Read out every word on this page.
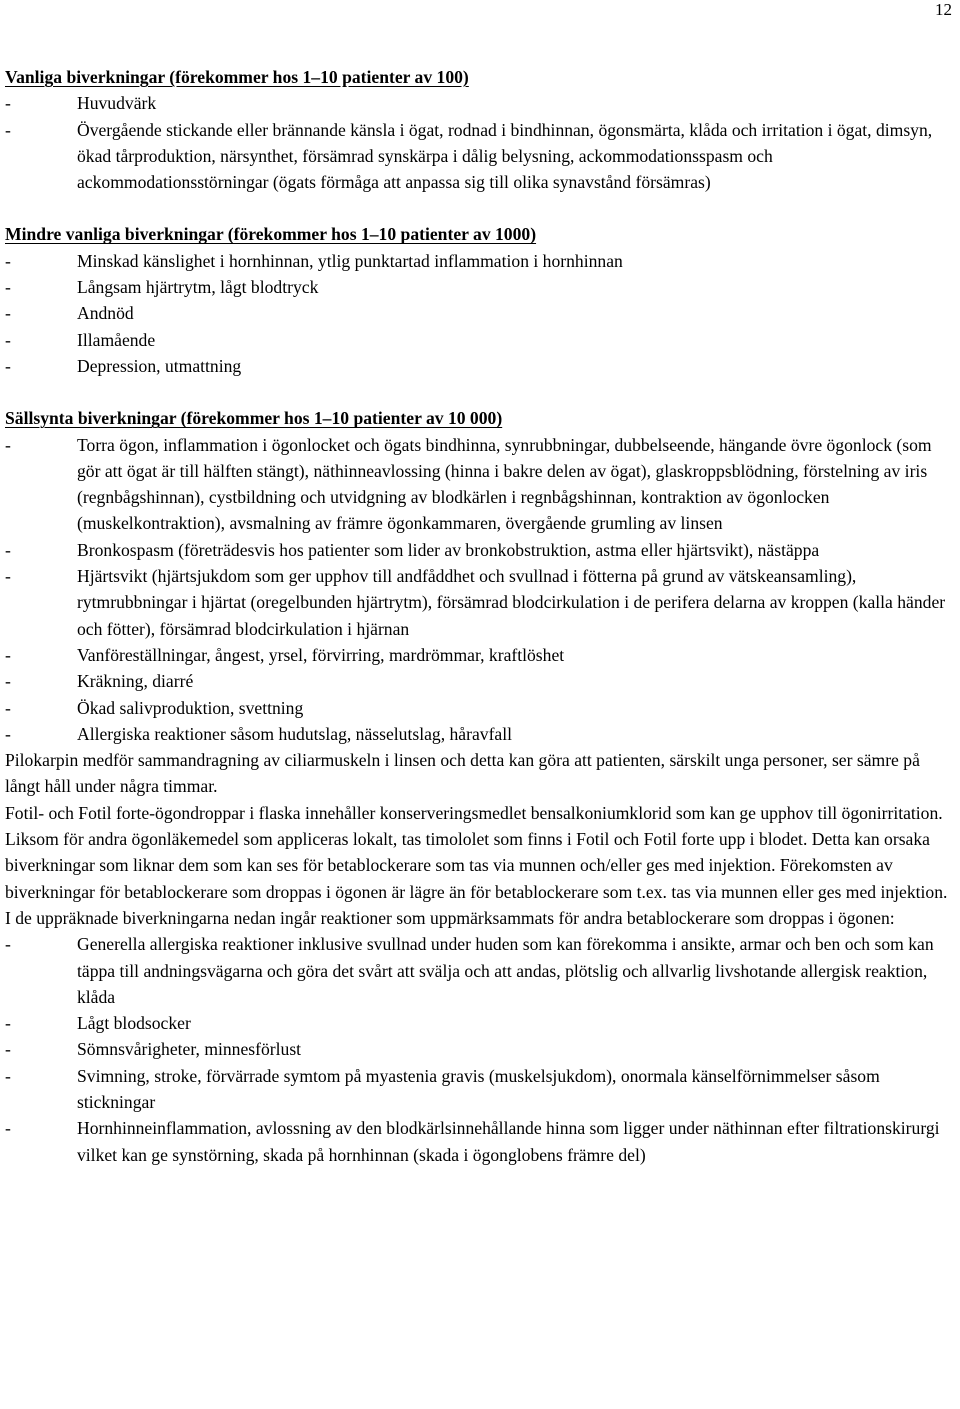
12
Vanliga biverkningar (förekommer hos 1–10 patienter av 100)
- Huvudvärk
- Övergående stickande eller brännande känsla i ögat, rodnad i bindhinnan, ögonsmärta, klåda och irritation i ögat, dimsyn, ökad tårproduktion, närsynthet, försämrad synskärpa i dålig belysning, ackommodationsspasm och ackommodationsstörningar (ögats förmåga att anpassa sig till olika synavstånd försämras)
Mindre vanliga biverkningar (förekommer hos 1–10 patienter av 1000)
- Minskad känslighet i hornhinnan, ytlig punktartad inflammation i hornhinnan
- Långsam hjärtrytm, lågt blodtryck
- Andnöd
- Illamående
- Depression, utmattning
Sällsynta biverkningar (förekommer hos 1–10 patienter av 10 000)
- Torra ögon, inflammation i ögonlocket och ögats bindhinna, synrubbningar, dubbelseende, hängande övre ögonlock (som gör att ögat är till hälften stängt), näthinneavlossing (hinna i bakre delen av ögat), glaskroppsblödning, förstelning av iris (regnbågshinnan), cystbildning och utvidgning av blodkärlen i regnbågshinnan, kontraktion av ögonlocken (muskelkontraktion), avsmalning av främre ögonkammaren, övergående grumling av linsen
- Bronkospasm (företrädesvis hos patienter som lider av bronkobstruktion, astma eller hjärtsvikt), nästäppa
- Hjärtsvikt (hjärtsjukdom som ger upphov till andfåddhet och svullnad i fötterna på grund av vätskeansamling), rytmrubbningar i hjärtat (oregelbunden hjärtrytm), försämrad blodcirkulation i de perifera delarna av kroppen (kalla händer och fötter), försämrad blodcirkulation i hjärnan
- Vanföreställningar, ångest, yrsel, förvirring, mardrömmar, kraftlöshet
- Kräkning, diarré
- Ökad salivproduktion, svettning
- Allergiska reaktioner såsom hudutslag, nässelutslag, håravfall

Pilokarpin medför sammandragning av ciliarmuskeln i linsen och detta kan göra att patienten, särskilt unga personer, ser sämre på långt håll under några timmar.

Fotil- och Fotil forte-ögondroppar i flaska innehåller konserveringsmedlet bensalkoniumklorid som kan ge upphov till ögonirritation.

Liksom för andra ögonläkemedel som appliceras lokalt, tas timololet som finns i Fotil och Fotil forte upp i blodet. Detta kan orsaka biverkningar som liknar dem som kan ses för betablockerare som tas via munnen och/eller ges med injektion. Förekomsten av biverkningar för betablockerare som droppas i ögonen är lägre än för betablockerare som t.ex. tas via munnen eller ges med injektion. I de uppräknade biverkningarna nedan ingår reaktioner som uppmärksammats för andra betablockerare som droppas i ögonen:

- Generella allergiska reaktioner inklusive svullnad under huden som kan förekomma i ansikte, armar och ben och som kan täppa till andningsvägarna och göra det svårt att svälja och att andas, plötslig och allvarlig livshotande allergisk reaktion, klåda
- Lågt blodsocker
- Sömnsvårigheter, minnesförlust
- Svimning, stroke, förvärrade symtom på myastenia gravis (muskelsjukdom), onormala känselförnimmelser såsom stickningar
- Hornhinneinflammation, avlossning av den blodkärlsinnehållande hinna som ligger under näthinnan efter filtrationskirurgi vilket kan ge synstörning, skada på hornhinnan (skada i ögonglobens främre del)
